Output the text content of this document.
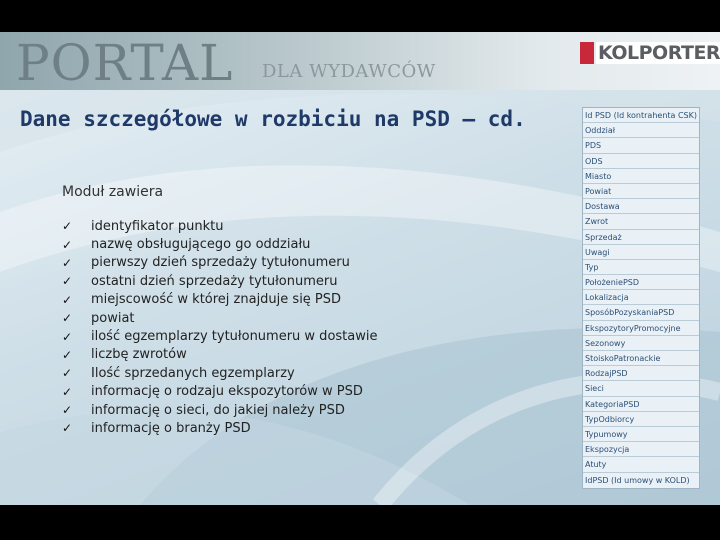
PORTAL DLA WYDAWCÓW
KOLPORTER
Dane szczegółowe w rozbiciu na PSD – cd.
Moduł zawiera
✓	identyfikator punktu
✓	nazwę obsługującego go oddziału
✓	pierwszy dzień sprzedaży tytułonumeru
✓	ostatni dzień sprzedaży tytułonumeru
✓	miejscowość w której znajduje się PSD
✓	powiat
✓	ilość egzemplarzy tytułonumeru w dostawie
✓	liczbę zwrotów
✓	Ilość sprzedanych egzemplarzy
✓	informację o rodzaju ekspozytorów w PSD
✓	informację o sieci, do jakiej należy PSD
✓	informację o branży PSD
Id PSD (Id kontrahenta CSK)
Oddział
PDS
ODS
Miasto
Powiat
Dostawa
Zwrot
Sprzedaż
Uwagi
Typ
PołożeniePSD
Lokalizacja
SposóbPozyskaniaPSD
EkspozytoryPromocyjne
Sezonowy
StoiskoPatronackie
RodzajPSD
Sieci
KategoriaPSD
TypOdbiorcy
Typumowy
Ekspozycja
Atuty
IdPSD (Id umowy w KOLD)
